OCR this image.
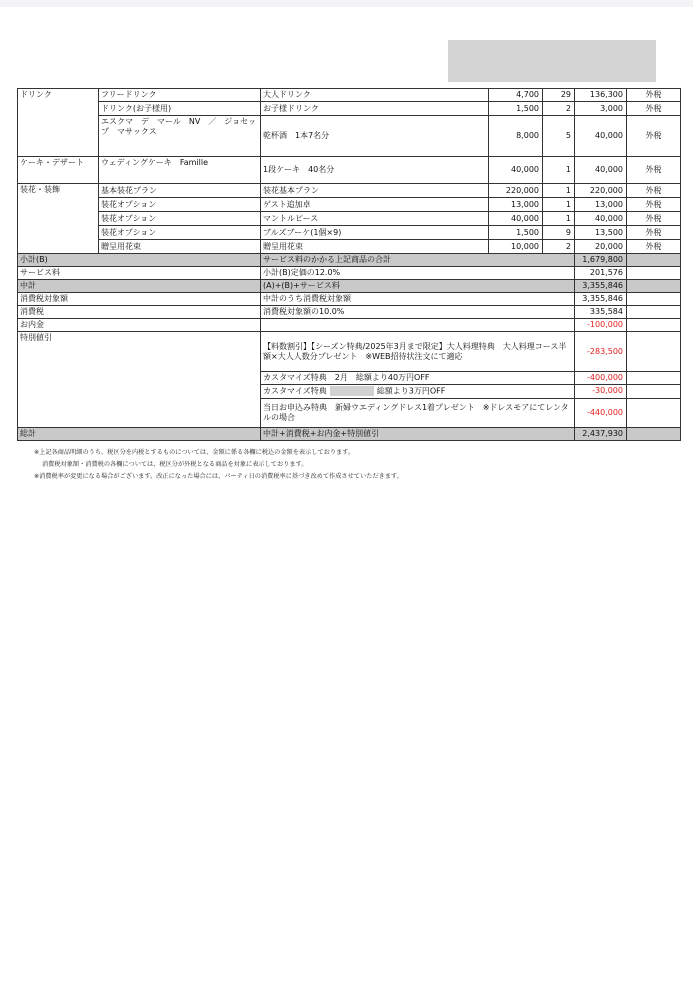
ドリンク	フリードリンク	大人ドリンク	4,700	29	136,300	外税
	ドリンク(お子様用)	お子様ドリンク	1,500	2	3,000	外税
	エスクマ　デ　マール　NV　／　ジョセップ　マサックス	乾杯酒　1本7名分	8,000	5	40,000	外税
ケーキ・デザート	ウェディングケーキ　Famille	1段ケーキ　40名分	40,000	1	40,000	外税
装花・装飾	基本装花プラン	装花基本プラン	220,000	1	220,000	外税
	装花オプション	ゲスト追加卓	13,000	1	13,000	外税
	装花オプション	マントルピース	40,000	1	40,000	外税
	装花オプション	ブルズブーケ(1個×9)	1,500	9	13,500	外税
	贈呈用花束	贈呈用花束	10,000	2	20,000	外税
小計(B)		サービス料のかかる上記商品の合計			1,679,800	
サービス料		小計(B)定価の12.0%			201,576	
中計		(A)+(B)+サービス料			3,355,846	
消費税対象額		中計のうち消費税対象額			3,355,846	
消費税		消費税対象額の10.0%			335,584	
お内金					-100,000	
特別値引		【料数割引】【シーズン特典/2025年3月まで限定】大人料理特典　大人料理コース半額×大人人数分プレゼント　※WEB招待状注文にて適応			-283,500	
		カスタマイズ特典　2月　総額より40万円OFF			-400,000	
		カスタマイズ特典 総額より3万円OFF			-30,000	
		当日お申込み特典　新婦ウエディングドレス1着プレゼント　※ドレスモアにてレンタルの場合			-440,000	
総計		中計+消費税+お内金+特別値引			2,437,930	
※上記各商品明細のうち、税区分を内税とするものについては、金額に係る各欄に税込の金額を表示しております。
消費税対象額・消費税の各欄については、税区分が外税となる商品を対象に表示しております。
※消費税率が変更になる場合がございます。改正になった場合には、パーティ日の消費税率に基づき改めて作成させていただきます。
